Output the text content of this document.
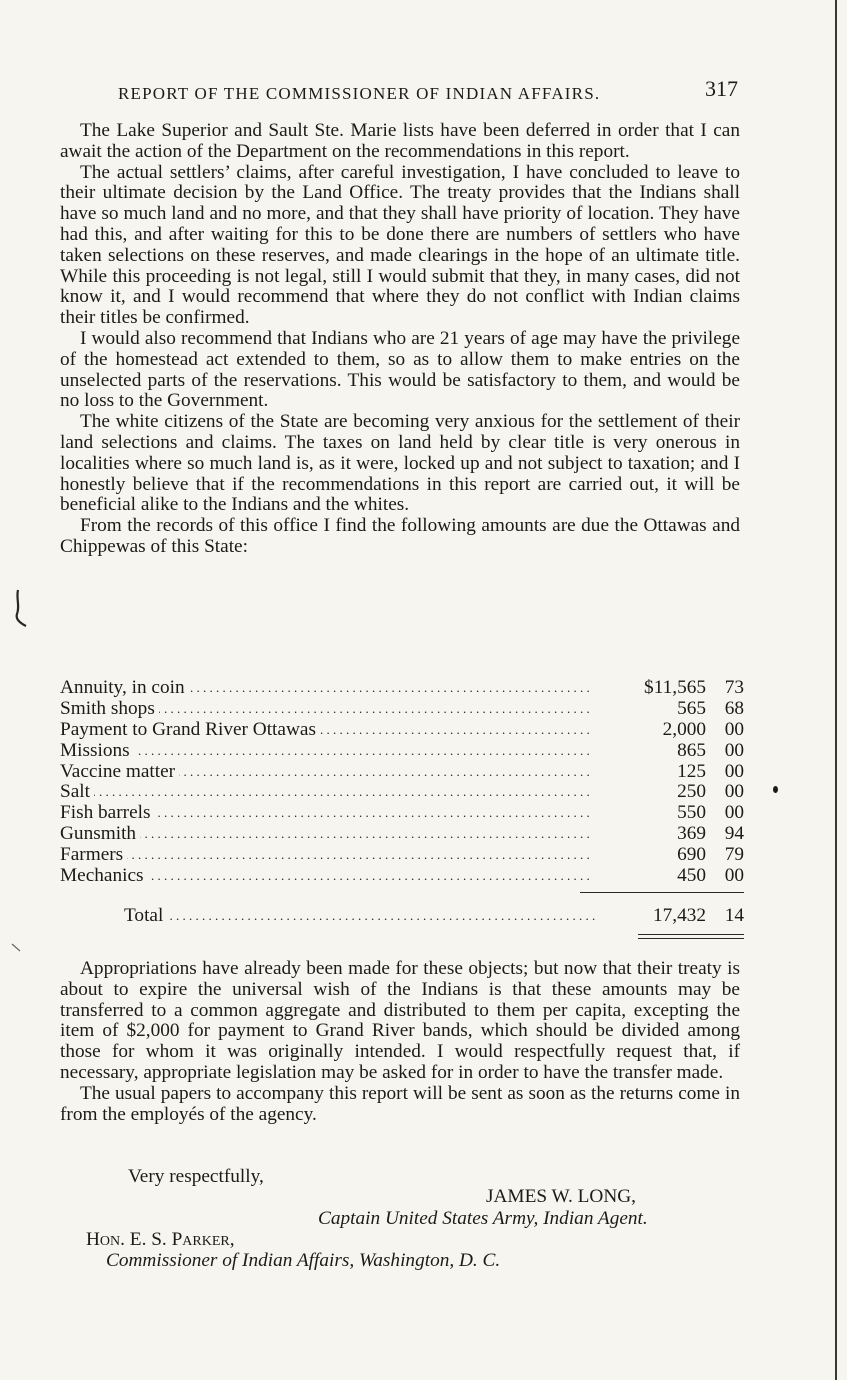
REPORT OF THE COMMISSIONER OF INDIAN AFFAIRS.	317

The Lake Superior and Sault Ste. Marie lists have been deferred in order that I can await the action of the Department on the recommendations in this report.

The actual settlers’ claims, after careful investigation, I have concluded to leave to their ultimate decision by the Land Office. The treaty provides that the Indians shall have so much land and no more, and that they shall have priority of location. They have had this, and after waiting for this to be done there are numbers of settlers who have taken selections on these reserves, and made clearings in the hope of an ultimate title. While this proceeding is not legal, still I would submit that they, in many cases, did not know it, and I would recommend that where they do not conflict with Indian claims their titles be confirmed.

I would also recommend that Indians who are 21 years of age may have the privilege of the homestead act extended to them, so as to allow them to make entries on the unselected parts of the reservations. This would be satisfactory to them, and would be no loss to the Government.

The white citizens of the State are becoming very anxious for the settlement of their land selections and claims. The taxes on land held by clear title is very onerous in localities where so much land is, as it were, locked up and not subject to taxation; and I honestly believe that if the recommendations in this report are carried out, it will be beneficial alike to the Indians and the whites.

From the records of this office I find the following amounts are due the Ottawas and Chippewas of this State:

Annuity, in coin . . .	$11,565 73
Smith shops . . .	565 68
Payment to Grand River Ottawas . . .	2,000 00
Missions . . .	865 00
Vaccine matter . . .	125 00
Salt . . .	250 00
Fish barrels . . .	550 00
Gunsmith . . .	369 94
Farmers . . .	690 79
Mechanics . . .	450 00
Total . . .	17,432 14

Appropriations have already been made for these objects; but now that their treaty is about to expire the universal wish of the Indians is that these amounts may be transferred to a common aggregate and distributed to them per capita, excepting the item of $2,000 for payment to Grand River bands, which should be divided among those for whom it was originally intended. I would respectfully request that, if necessary, appropriate legislation may be asked for in order to have the transfer made.

The usual papers to accompany this report will be sent as soon as the returns come in from the employés of the agency.

Very respectfully,
JAMES W. LONG,
Captain United States Army, Indian Agent.
Hon. E. S. Parker,
Commissioner of Indian Affairs, Washington, D. C.
